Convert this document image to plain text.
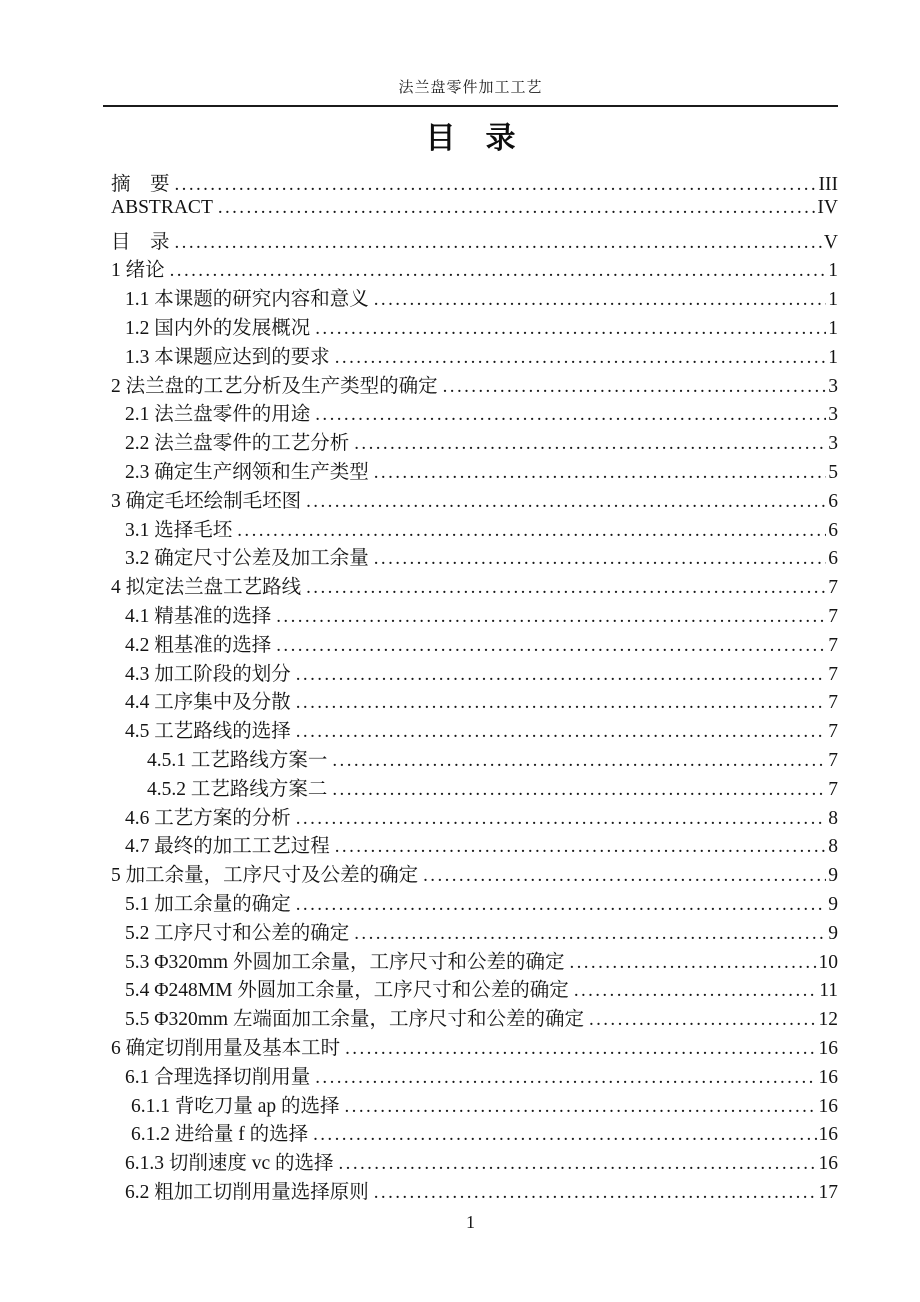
法兰盘零件加工工艺
目　录
摘　要 .....	III
ABSTRACT .....	IV
目　录 .....	V
1 绪论 .....	1
1.1 本课题的研究内容和意义 .....	1
1.2 国内外的发展概况 .....	1
1.3 本课题应达到的要求 .....	1
2 法兰盘的工艺分析及生产类型的确定 .....	3
2.1 法兰盘零件的用途 .....	3
2.2 法兰盘零件的工艺分析 .....	3
2.3 确定生产纲领和生产类型 .....	5
3 确定毛坯绘制毛坯图 .....	6
3.1 选择毛坯 .....	6
3.2 确定尺寸公差及加工余量 .....	6
4 拟定法兰盘工艺路线 .....	7
4.1 精基准的选择 .....	7
4.2 粗基准的选择 .....	7
4.3 加工阶段的划分 .....	7
4.4 工序集中及分散 .....	7
4.5 工艺路线的选择 .....	7
4.5.1 工艺路线方案一 .....	7
4.5.2 工艺路线方案二 .....	7
4.6 工艺方案的分析 .....	8
4.7 最终的加工工艺过程 .....	8
5 加工余量，工序尺寸及公差的确定 .....	9
5.1 加工余量的确定 .....	9
5.2 工序尺寸和公差的确定 .....	9
5.3 Φ320mm 外圆加工余量，工序尺寸和公差的确定 .....	10
5.4 Φ248MM 外圆加工余量，工序尺寸和公差的确定 .....	11
5.5 Φ320mm 左端面加工余量，工序尺寸和公差的确定 .....	12
6 确定切削用量及基本工时 .....	16
6.1 合理选择切削用量 .....	16
6.1.1 背吃刀量 ap 的选择 .....	16
6.1.2 进给量 f 的选择 .....	16
6.1.3 切削速度 vc 的选择 .....	16
6.2 粗加工切削用量选择原则 .....	17
1
